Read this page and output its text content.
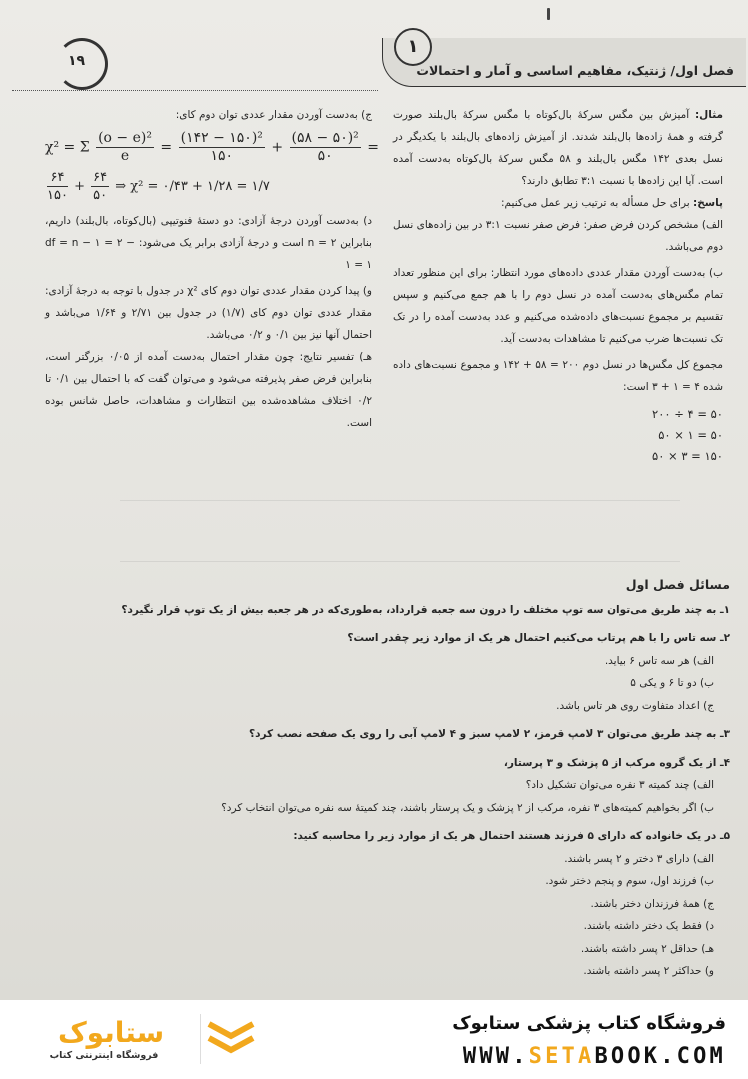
فصل اول/ ژنتیک، مفاهیم اساسی و آمار و احتمالات
۱
۱۹

مثال: آمیزش بین مگس سرکهٔ بال‌کوتاه با مگس سرکهٔ بال‌بلند صورت گرفته و همهٔ زاده‌ها بال‌بلند شدند. از آمیزش زاده‌های بال‌بلند با یکدیگر در نسل بعدی ۱۴۲ مگس بال‌بلند و ۵۸ مگس سرکهٔ بال‌کوتاه به‌دست آمده است. آیا این زاده‌ها با نسبت ۳:۱ تطابق دارند؟

پاسخ: برای حل مسأله به ترتیب زیر عمل می‌کنیم:

الف) مشخص کردن فرض صفر: فرض صفر نسبت ۳:۱ در بین زاده‌های نسل دوم می‌باشد.

ب) به‌دست آوردن مقدار عددی داده‌های مورد انتظار: برای این منظور تعداد تمام مگس‌های به‌دست آمده در نسل دوم را با هم جمع می‌کنیم و سپس تقسیم بر مجموع نسبت‌های داده‌شده می‌کنیم و عدد به‌دست آمده را در تک تک نسبت‌ها ضرب می‌کنیم تا مشاهدات به‌دست آید.

مجموع کل مگس‌ها در نسل دوم ۲۰۰ = ۵۸ + ۱۴۲ و مجموع نسبت‌های داده شده ۴ = ۱ + ۳ است:

۲۰۰ ÷ ۴ = ۵۰

۵۰ × ۱ = ۵۰

۵۰ × ۳ = ۱۵۰

ج) به‌دست آوردن مقدار عددی توان دوم کای:

χ² = Σ $\frac{\text{(o − e)²}}{e} = \frac{\text{(۱۴۲ − ۱۵۰)²}}{۱۵۰} + \frac{\text{(۵۸ − ۵۰)²}}{۵۰}$ =
$\frac{۶۴}{۱۵۰} + \frac{۶۴}{۵۰}$ ⇒ χ² = ۰/۴۳ + ۱/۲۸ = ۱/۷

د) به‌دست آوردن درجهٔ آزادی: دو دستهٔ فنوتیپی (بال‌کوتاه، بال‌بلند) داریم، بنابراین n = ۲ است و درجهٔ آزادی برابر یک می‌شود: df = n − ۱ = ۲ − ۱ = ۱

و) پیدا کردن مقدار عددی توان دوم کای χ² در جدول با توجه به درجهٔ آزادی: مقدار عددی توان دوم کای (۱/۷) در جدول بین ۲/۷۱ و ۱/۶۴ می‌باشد و احتمال آنها نیز بین ۰/۱ و ۰/۲ می‌باشد.

هـ) تفسیر نتایج: چون مقدار احتمال به‌دست آمده از ۰/۰۵ بزرگتر است، بنابراین فرض صفر پذیرفته می‌شود و می‌توان گفت که با احتمال بین ۰/۱ تا ۰/۲ اختلاف مشاهده‌شده بین انتظارات و مشاهدات، حاصل شانس بوده است.

مسائل فصل اول
۱ـ به چند طریق می‌توان سه توپ مختلف را درون سه جعبه قرارداد، به‌طوری‌که در هر جعبه بیش از یک توپ قرار نگیرد؟
۲ـ سه تاس را با هم پرتاب می‌کنیم احتمال هر یک از موارد زیر چقدر است؟
الف) هر سه تاس ۶ بیاید.
ب) دو تا ۶ و یکی ۵
ج) اعداد متفاوت روی هر تاس باشد.
۳ـ به چند طریق می‌توان ۳ لامپ قرمز، ۲ لامپ سبز و ۴ لامپ آبی را روی یک صفحه نصب کرد؟
۴ـ از یک گروه مرکب از ۵ پزشک و ۳ پرستار،
الف) چند کمیته ۳ نفره می‌توان تشکیل داد؟
ب) اگر بخواهیم کمیته‌های ۳ نفره، مرکب از ۲ پزشک و یک پرستار باشند، چند کمیتهٔ سه نفره می‌توان انتخاب کرد؟
۵ـ در یک خانواده که دارای ۵ فرزند هستند احتمال هر یک از موارد زیر را محاسبه کنید:
الف) دارای ۳ دختر و ۲ پسر باشند.
ب) فرزند اول، سوم و پنجم دختر شود.
ج) همهٔ فرزندان دختر باشند.
د) فقط یک دختر داشته باشند.
هـ) حداقل ۲ پسر داشته باشند.
و) حداکثر ۲ پسر داشته باشند.
ستابوک
فروشگاه اینترنتی کتاب
فروشگاه کتاب پزشکی ستابوک
WWW.SETABOOK.COM
